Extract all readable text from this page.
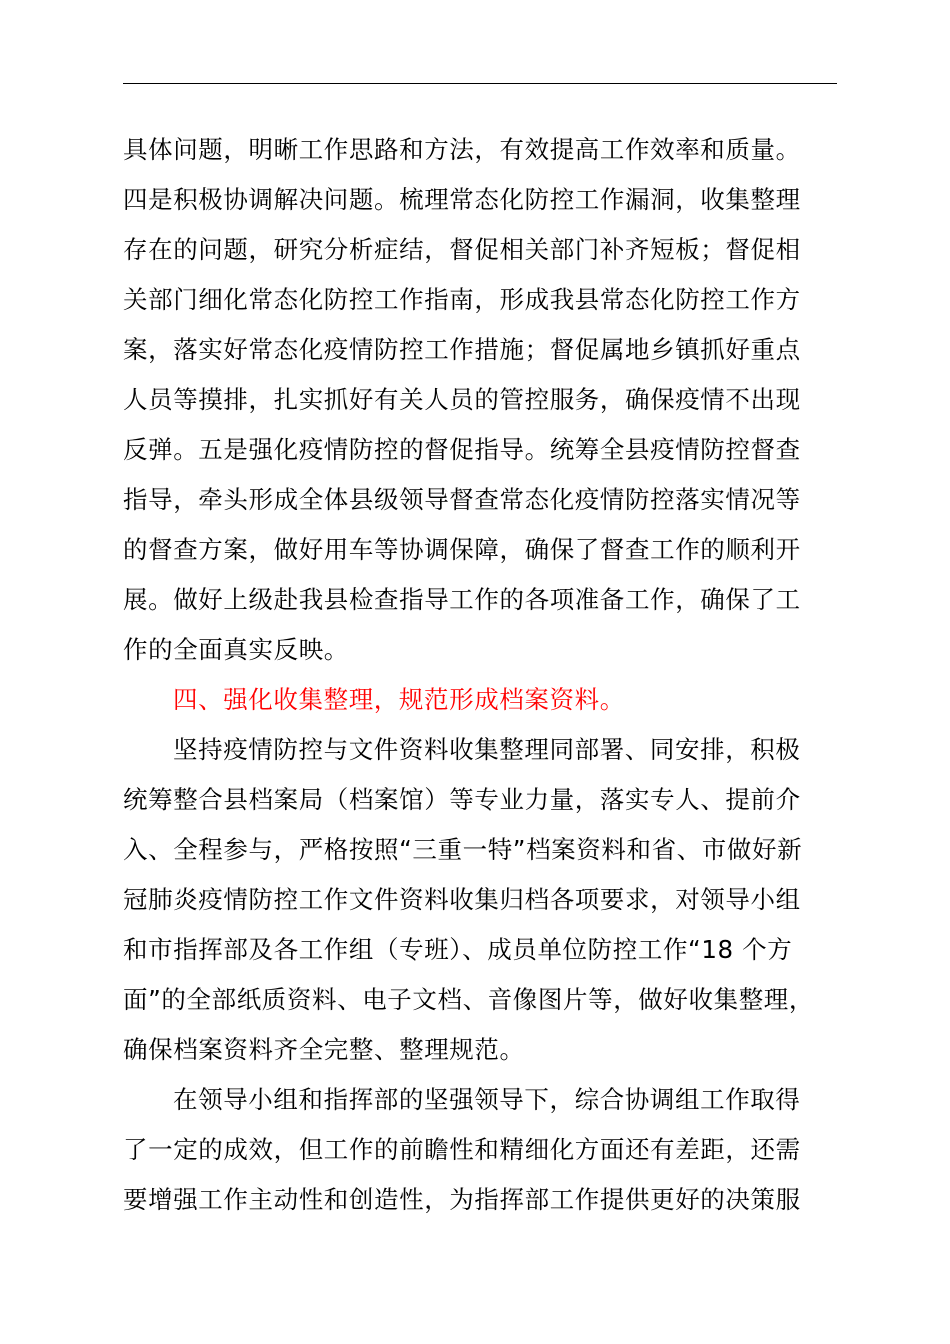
具体问题，明晰工作思路和方法，有效提高工作效率和质量。
四是积极协调解决问题。梳理常态化防控工作漏洞，收集整理
存在的问题，研究分析症结，督促相关部门补齐短板；督促相
关部门细化常态化防控工作指南，形成我县常态化防控工作方
案，落实好常态化疫情防控工作措施；督促属地乡镇抓好重点
人员等摸排，扎实抓好有关人员的管控服务，确保疫情不出现
反弹。五是强化疫情防控的督促指导。统筹全县疫情防控督查
指导，牵头形成全体县级领导督查常态化疫情防控落实情况等
的督查方案，做好用车等协调保障，确保了督查工作的顺利开
展。做好上级赴我县检查指导工作的各项准备工作，确保了工
作的全面真实反映。

四、强化收集整理，规范形成档案资料。

坚持疫情防控与文件资料收集整理同部署、同安排，积极
统筹整合县档案局（档案馆）等专业力量，落实专人、提前介
入、全程参与，严格按照“三重一特”档案资料和省、市做好新
冠肺炎疫情防控工作文件资料收集归档各项要求，对领导小组
和市指挥部及各工作组（专班）、成员单位防控工作“18 个方
面”的全部纸质资料、电子文档、音像图片等，做好收集整理，
确保档案资料齐全完整、整理规范。

在领导小组和指挥部的坚强领导下，综合协调组工作取得
了一定的成效，但工作的前瞻性和精细化方面还有差距，还需
要增强工作主动性和创造性，为指挥部工作提供更好的决策服
